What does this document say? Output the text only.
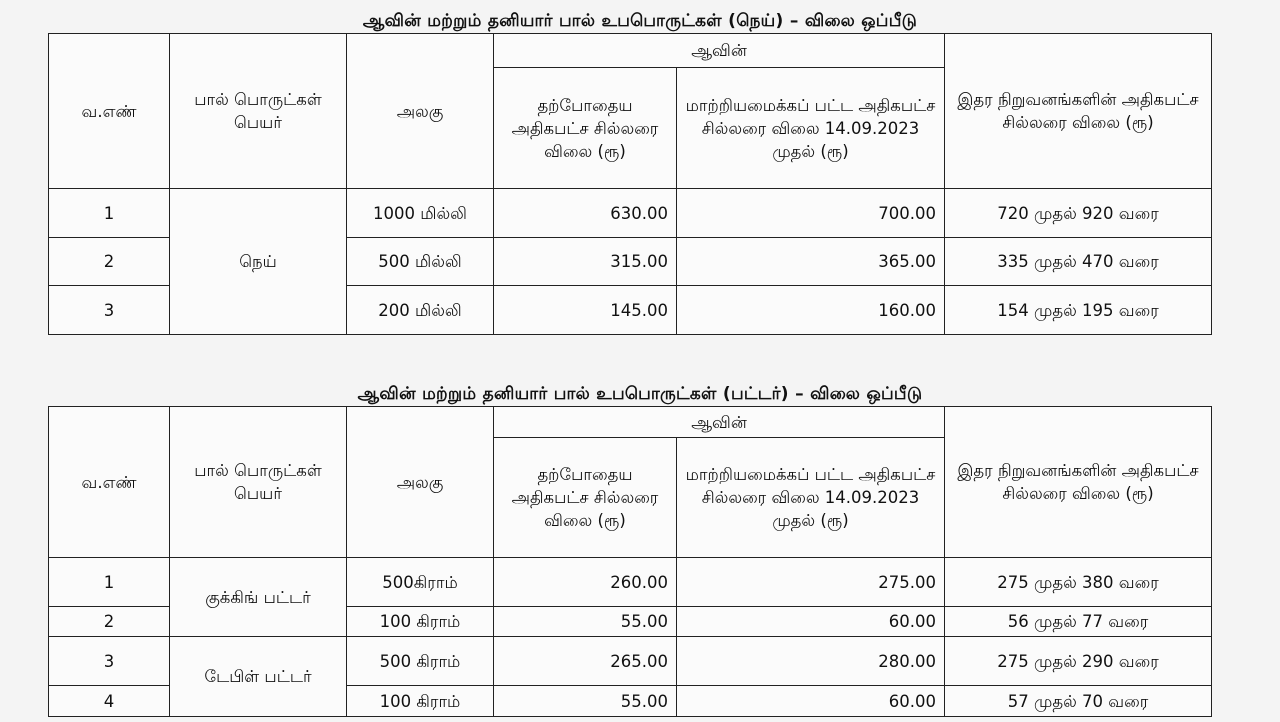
ஆவின் மற்றும் தனியார் பால் உபபொருட்கள் (நெய்) – விலை ஒப்பீடு
வ.எண்	பால் பொருட்கள் பெயர்	அலகு	ஆவின்		இதர நிறுவனங்களின் அதிகபட்ச சில்லரை விலை (ரூ)
			தற்போதைய அதிகபட்ச சில்லரை விலை (ரூ)	மாற்றியமைக்கப் பட்ட அதிகபட்ச சில்லரை விலை 14.09.2023 முதல் (ரூ)	
1	நெய்	1000 மில்லி	630.00	700.00	720 முதல் 920 வரை
2		500 மில்லி	315.00	365.00	335 முதல் 470 வரை
3		200 மில்லி	145.00	160.00	154 முதல் 195 வரை
ஆவின் மற்றும் தனியார் பால் உபபொருட்கள் (பட்டர்) – விலை ஒப்பீடு
வ.எண்	பால் பொருட்கள் பெயர்	அலகு	ஆவின்		இதர நிறுவனங்களின் அதிகபட்ச சில்லரை விலை (ரூ)
			தற்போதைய அதிகபட்ச சில்லரை விலை (ரூ)	மாற்றியமைக்கப் பட்ட அதிகபட்ச சில்லரை விலை 14.09.2023 முதல் (ரூ)	
1	குக்கிங் பட்டர்	500கிராம்	260.00	275.00	275 முதல் 380 வரை
2		100 கிராம்	55.00	60.00	56 முதல் 77 வரை
3	டேபிள் பட்டர்	500 கிராம்	265.00	280.00	275 முதல் 290 வரை
4		100 கிராம்	55.00	60.00	57 முதல் 70 வரை
